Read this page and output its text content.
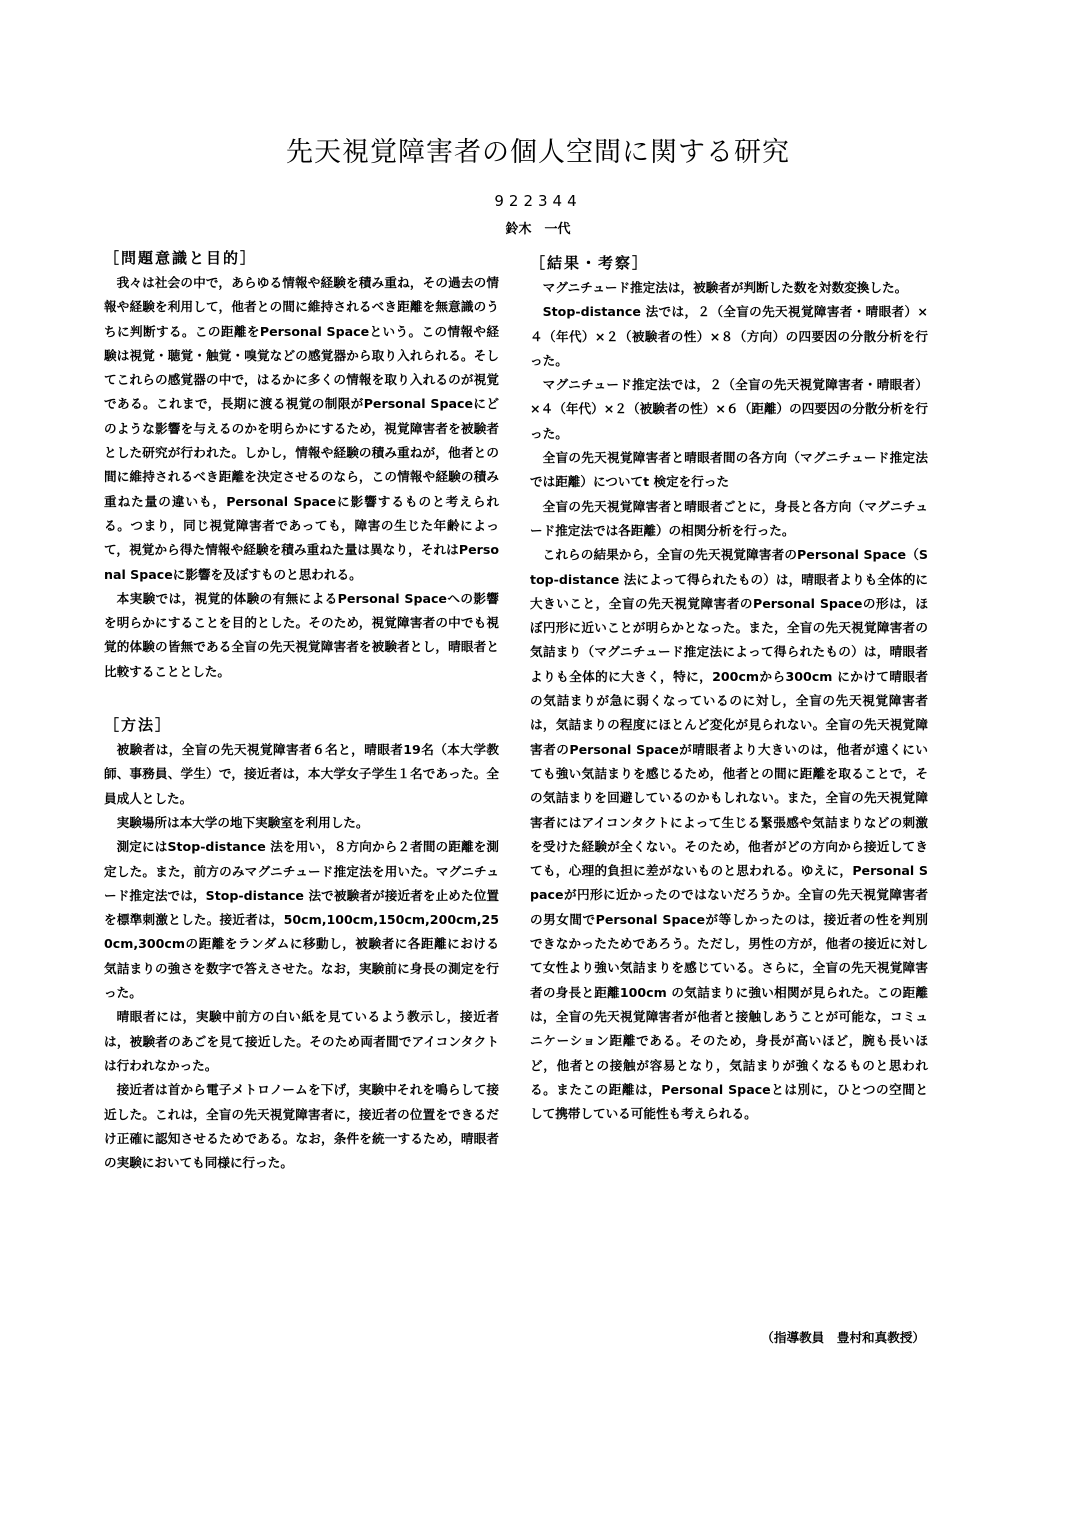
先天視覚障害者の個人空間に関する研究
922344
鈴木　一代
［問題意識と目的］

我々は社会の中で，あらゆる情報や経験を積み重ね，その過去の情報や経験を利用して，他者との間に維持されるべき距離を無意識のうちに判断する。この距離をPersonal Spaceという。この情報や経験は視覚・聴覚・触覚・嗅覚などの感覚器から取り入れられる。そしてこれらの感覚器の中で，はるかに多くの情報を取り入れるのが視覚である。これまで，長期に渡る視覚の制限がPersonal Spaceにどのような影響を与えるのかを明らかにするため，視覚障害者を被験者とした研究が行われた。しかし，情報や経験の積み重ねが，他者との間に維持されるべき距離を決定させるのなら，この情報や経験の積み重ねた量の違いも，Personal Spaceに影響するものと考えられる。つまり，同じ視覚障害者であっても，障害の生じた年齢によって，視覚から得た情報や経験を積み重ねた量は異なり，それはPersonal Spaceに影響を及ぼすものと思われる。

本実験では，視覚的体験の有無によるPersonal Spaceへの影響を明らかにすることを目的とした。そのため，視覚障害者の中でも視覚的体験の皆無である全盲の先天視覚障害者を被験者とし，晴眼者と比較することとした。

［方法］

被験者は，全盲の先天視覚障害者６名と，晴眼者19名（本大学教師、事務員、学生）で，接近者は，本大学女子学生１名であった。全員成人とした。

実験場所は本大学の地下実験室を利用した。

測定にはStop-distance 法を用い，８方向から２者間の距離を測定した。また，前方のみマグニチュード推定法を用いた。マグニチュード推定法では，Stop-distance 法で被験者が接近者を止めた位置を標準刺激とした。接近者は，50cm,100cm,150cm,200cm,250cm,300cmの距離をランダムに移動し，被験者に各距離における気詰まりの強さを数字で答えさせた。なお，実験前に身長の測定を行った。

晴眼者には，実験中前方の白い紙を見ているよう教示し，接近者は，被験者のあごを見て接近した。そのため両者間でアイコンタクトは行われなかった。

接近者は首から電子メトロノームを下げ，実験中それを鳴らして接近した。これは，全盲の先天視覚障害者に，接近者の位置をできるだけ正確に認知させるためである。なお，条件を統一するため，晴眼者の実験においても同様に行った。

［結果・考察］

マグニチュード推定法は，被験者が判断した数を対数変換した。

Stop-distance 法では，２（全盲の先天視覚障害者・晴眼者）×４（年代）×２（被験者の性）×８（方向）の四要因の分散分析を行った。

マグニチュード推定法では，２（全盲の先天視覚障害者・晴眼者）×４（年代）×２（被験者の性）×６（距離）の四要因の分散分析を行った。

全盲の先天視覚障害者と晴眼者間の各方向（マグニチュード推定法では距離）についてt 検定を行った

全盲の先天視覚障害者と晴眼者ごとに，身長と各方向（マグニチュード推定法では各距離）の相関分析を行った。

これらの結果から，全盲の先天視覚障害者のPersonal Space（Stop-distance 法によって得られたもの）は，晴眼者よりも全体的に大きいこと，全盲の先天視覚障害者のPersonal Spaceの形は，ほぼ円形に近いことが明らかとなった。また，全盲の先天視覚障害者の気詰まり（マグニチュード推定法によって得られたもの）は，晴眼者よりも全体的に大きく，特に，200cmから300cm にかけて晴眼者の気詰まりが急に弱くなっているのに対し，全盲の先天視覚障害者は，気詰まりの程度にほとんど変化が見られない。全盲の先天視覚障害者のPersonal Spaceが晴眼者より大きいのは，他者が遠くにいても強い気詰まりを感じるため，他者との間に距離を取ることで，その気詰まりを回避しているのかもしれない。また，全盲の先天視覚障害者にはアイコンタクトによって生じる緊張感や気詰まりなどの刺激を受けた経験が全くない。そのため，他者がどの方向から接近してきても，心理的負担に差がないものと思われる。ゆえに，Personal Spaceが円形に近かったのではないだろうか。全盲の先天視覚障害者の男女間でPersonal Spaceが等しかったのは，接近者の性を判別できなかったためであろう。ただし，男性の方が，他者の接近に対して女性より強い気詰まりを感じている。さらに，全盲の先天視覚障害者の身長と距離100cm の気詰まりに強い相関が見られた。この距離は，全盲の先天視覚障害者が他者と接触しあうことが可能な，コミュニケーション距離である。そのため，身長が高いほど，腕も長いほど，他者との接触が容易となり，気詰まりが強くなるものと思われる。またこの距離は，Personal Spaceとは別に，ひとつの空間として携帯している可能性も考えられる。

（指導教員　豊村和真教授）
